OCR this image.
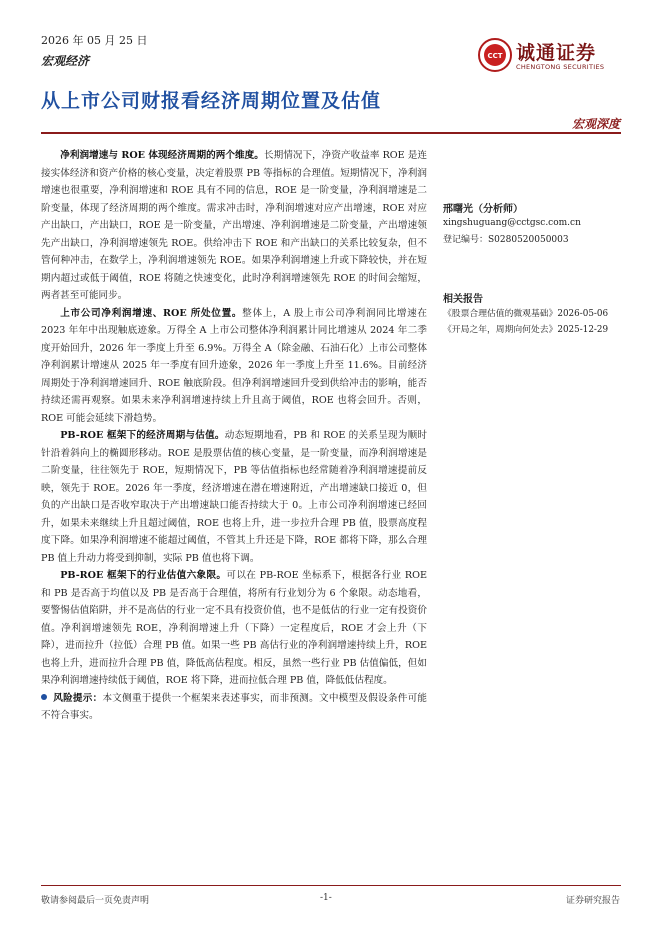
2026 年 05 月 25 日
宏观经济	CCT 诚通证券
CHENGTONG SECURITIES
从上市公司财报看经济周期位置及估值
宏观深度

净利润增速与 ROE 体现经济周期的两个维度。长期情况下，净资产收益率 ROE 是连接实体经济和资产价格的核心变量，决定着股票 PB 等指标的合理值。短期情况下，净利润增速也很重要，净利润增速和 ROE 具有不同的信息，ROE 是一阶变量，净利润增速是二阶变量，体现了经济周期的两个维度。需求冲击时，净利润增速对应产出增速，ROE 对应产出缺口，产出缺口，ROE 是一阶变量，产出增速、净利润增速是二阶变量，产出增速领先产出缺口，净利润增速领先 ROE。供给冲击下 ROE 和产出缺口的关系比较复杂，但不管何种冲击，在数学上，净利润增速领先 ROE。如果净利润增速上升或下降较快，并在短期内超过或低于阈值，ROE 将随之快速变化，此时净利润增速领先 ROE 的时间会缩短，两者甚至可能同步。

上市公司净利润增速、ROE 所处位置。整体上，A 股上市公司净利润同比增速在 2023 年年中出现触底迹象。万得全 A 上市公司整体净利润累计同比增速从 2024 年二季度开始回升，2026 年一季度上升至 6.9%。万得全 A（除金融、石油石化）上市公司整体净利润累计增速从 2025 年一季度有回升迹象，2026 年一季度上升至 11.6%。目前经济周期处于净利润增速回升、ROE 触底阶段。但净利润增速回升受到供给冲击的影响，能否持续还需再观察。如果未来净利润增速持续上升且高于阈值，ROE 也将会回升。否则，ROE 可能会延续下滑趋势。

PB-ROE 框架下的经济周期与估值。动态短期地看，PB 和 ROE 的关系呈现为顺时针沿着斜向上的椭圆形移动。ROE 是股票估值的核心变量，是一阶变量，而净利润增速是二阶变量，往往领先于 ROE，短期情况下，PB 等估值指标也经常随着净利润增速提前反映，领先于 ROE。2026 年一季度，经济增速在潜在增速附近，产出增速缺口接近 0，但负的产出缺口是否收窄取决于产出增速缺口能否持续大于 0。上市公司净利润增速已经回升，如果未来继续上升且超过阈值，ROE 也将上升，进一步拉升合理 PB 值，股票高度程度下降。如果净利润增速不能超过阈值，不管其上升还是下降，ROE 都将下降，那么合理 PB 值上升动力将受到抑制，实际 PB 值也将下调。

PB-ROE 框架下的行业估值六象限。可以在 PB-ROE 坐标系下，根据各行业 ROE 和 PB 是否高于均值以及 PB 是否高于合理值，将所有行业划分为 6 个象限。动态地看，要警惕估值陷阱，并不是高估的行业一定不具有投资价值，也不是低估的行业一定有投资价值。净利润增速领先 ROE，净利润增速上升（下降）一定程度后，ROE 才会上升（下降），进而拉升（拉低）合理 PB 值。如果一些 PB 高估行业的净利润增速持续上升，ROE 也将上升，进而拉升合理 PB 值，降低高估程度。相反，虽然一些行业 PB 估值偏低，但如果净利润增速持续低于阈值，ROE 将下降，进而拉低合理 PB 值，降低低估程度。

风险提示：本文侧重于提供一个框架来表述事实，而非预测。文中模型及假设条件可能不符合事实。

邢曙光（分析师）
xingshuguang@cctgsc.com.cn
登记编号：S0280520050003
相关报告
《股票合理估值的微观基础》2026-05-06
《开局之年，周期向何处去》2025-12-29
敬请参阅最后一页免责声明	-1-	证券研究报告
